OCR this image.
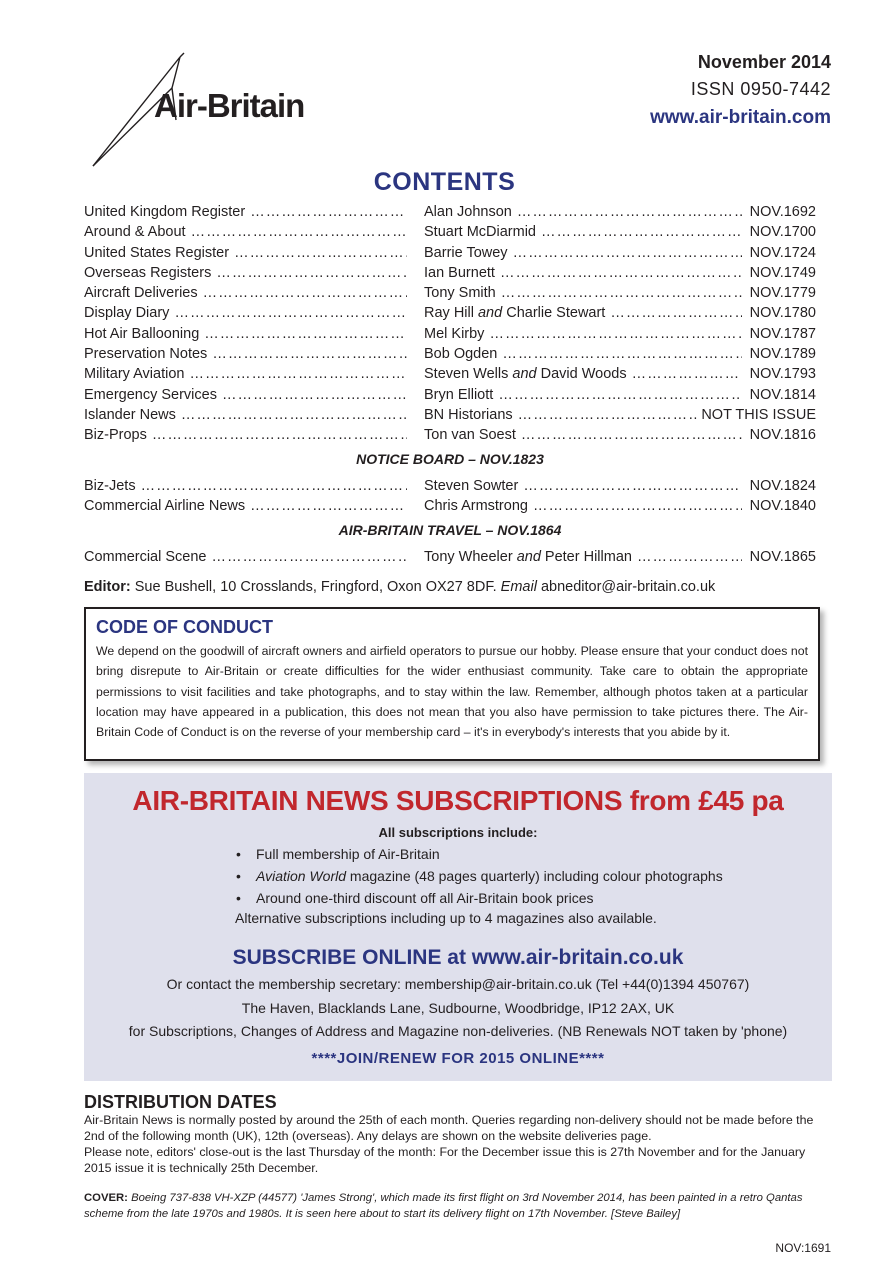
Air-Britain
November 2014
ISSN 0950-7442
www.air-britain.com
CONTENTS
United Kingdom Register ………………………………………………………………	Alan Johnson ………………………………………………………………	NOV.1692
Around & About ………………………………………………………………	Stuart McDiarmid ………………………………………………………………	NOV.1700
United States Register ………………………………………………………………	Barrie Towey ………………………………………………………………	NOV.1724
Overseas Registers ………………………………………………………………	Ian Burnett ………………………………………………………………	NOV.1749
Aircraft Deliveries ………………………………………………………………	Tony Smith ………………………………………………………………	NOV.1779
Display Diary ………………………………………………………………	Ray Hill and Charlie Stewart ………………………………………………………………	NOV.1780
Hot Air Ballooning ………………………………………………………………	Mel Kirby ………………………………………………………………	NOV.1787
Preservation Notes ………………………………………………………………	Bob Ogden ………………………………………………………………	NOV.1789
Military Aviation ………………………………………………………………	Steven Wells and David Woods ………………………………………………………………	NOV.1793
Emergency Services ………………………………………………………………	Bryn Elliott ………………………………………………………………	NOV.1814
Islander News ………………………………………………………………	BN Historians ………………………………………………………………	NOT THIS ISSUE
Biz-Props ………………………………………………………………	Ton van Soest ………………………………………………………………	NOV.1816
NOTICE BOARD – NOV.1823
Biz-Jets ………………………………………………………………	Steven Sowter ………………………………………………………………	NOV.1824
Commercial Airline News ………………………………………………………………	Chris Armstrong ………………………………………………………………	NOV.1840
AIR-BRITAIN TRAVEL – NOV.1864
Commercial Scene ………………………………………………………………	Tony Wheeler and Peter Hillman ………………………………………………………………	NOV.1865
Editor: Sue Bushell, 10 Crosslands, Fringford, Oxon OX27 8DF. Email abneditor@air-britain.co.uk
CODE OF CONDUCT
We depend on the goodwill of aircraft owners and airfield operators to pursue our hobby. Please ensure that your conduct does not bring disrepute to Air-Britain or create difficulties for the wider enthusiast community. Take care to obtain the appropriate permissions to visit facilities and take photographs, and to stay within the law. Remember, although photos taken at a particular location may have appeared in a publication, this does not mean that you also have permission to take pictures there. The Air-Britain Code of Conduct is on the reverse of your membership card – it's in everybody's interests that you abide by it.
AIR-BRITAIN NEWS SUBSCRIPTIONS from £45 pa
All subscriptions include:
• Full membership of Air-Britain
• Aviation World magazine (48 pages quarterly) including colour photographs
• Around one-third discount off all Air-Britain book prices
Alternative subscriptions including up to 4 magazines also available.
SUBSCRIBE ONLINE at www.air-britain.co.uk
Or contact the membership secretary: membership@air-britain.co.uk (Tel +44(0)1394 450767)
The Haven, Blacklands Lane, Sudbourne, Woodbridge, IP12 2AX, UK
for Subscriptions, Changes of Address and Magazine non-deliveries. (NB Renewals NOT taken by 'phone)
****JOIN/RENEW FOR 2015 ONLINE****
DISTRIBUTION DATES
Air-Britain News is normally posted by around the 25th of each month. Queries regarding non-delivery should not be made before the 2nd of the following month (UK), 12th (overseas). Any delays are shown on the website deliveries page.
Please note, editors' close-out is the last Thursday of the month: For the December issue this is 27th November and for the January 2015 issue it is technically 25th December.
COVER: Boeing 737-838 VH-XZP (44577) 'James Strong', which made its first flight on 3rd November 2014, has been painted in a retro Qantas scheme from the late 1970s and 1980s. It is seen here about to start its delivery flight on 17th November. [Steve Bailey]
NOV:1691
